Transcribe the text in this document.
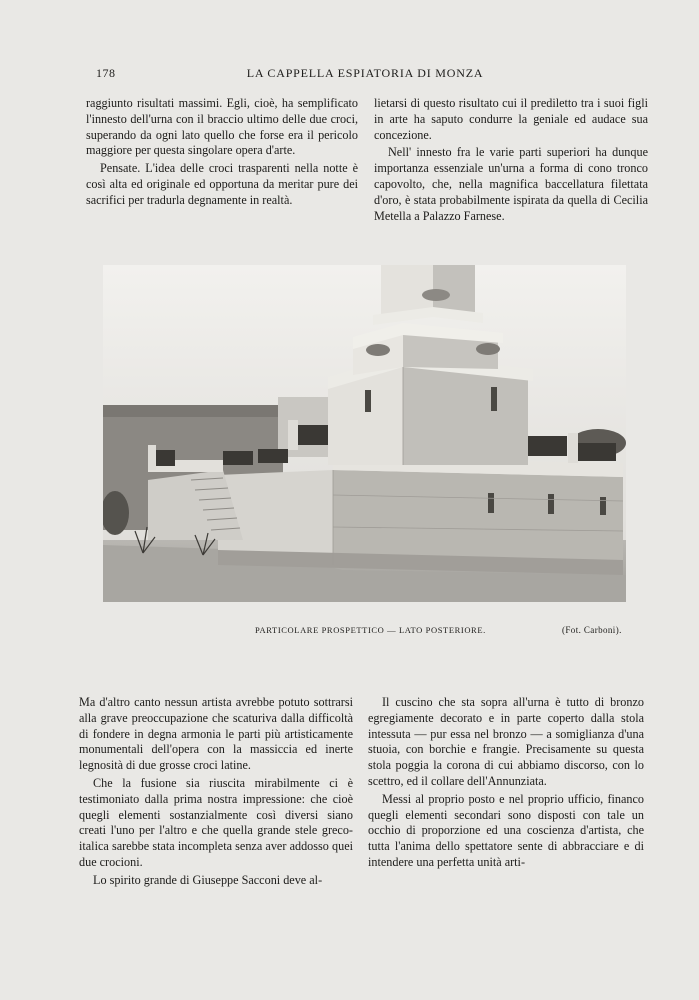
178	LA CAPPELLA ESPIATORIA DI MONZA

raggiunto risultati massimi. Egli, cioè, ha semplificato l'innesto dell'urna con il braccio ultimo delle due croci, superando da ogni lato quello che forse era il pericolo maggiore per questa singolare opera d'arte.

Pensate. L'idea delle croci trasparenti nella notte è così alta ed originale ed opportuna da meritar pure dei sacrifici per tradurla degnamente in realtà.

lietarsi di questo risultato cui il prediletto tra i suoi figli in arte ha saputo condurre la geniale ed audace sua concezione.

Nell' innesto fra le varie parti superiori ha dunque importanza essenziale un'urna a forma di cono tronco capovolto, che, nella magnifica baccellatura filettata d'oro, è stata probabilmente ispirata da quella di Cecilia Metella a Palazzo Farnese.

PARTICOLARE PROSPETTICO — LATO POSTERIORE.	(Fot. Carboni).

Ma d'altro canto nessun artista avrebbe potuto sottrarsi alla grave preoccupazione che scaturiva dalla difficoltà di fondere in degna armonia le parti più artisticamente monumentali dell'opera con la massiccia ed inerte legnosità di due grosse croci latine.

Che la fusione sia riuscita mirabilmente ci è testimoniato dalla prima nostra impressione: che cioè quegli elementi sostanzialmente così diversi siano creati l'uno per l'altro e che quella grande stele greco-italica sarebbe stata incompleta senza aver addosso quei due crocioni.

Lo spirito grande di Giuseppe Sacconi deve al-

Il cuscino che sta sopra all'urna è tutto di bronzo egregiamente decorato e in parte coperto dalla stola intessuta — pur essa nel bronzo — a somiglianza d'una stuoia, con borchie e frangie. Precisamente su questa stola poggia la corona di cui abbiamo discorso, con lo scettro, ed il collare dell'Annunziata.

Messi al proprio posto e nel proprio ufficio, financo quegli elementi secondari sono disposti con tale un occhio di proporzione ed una coscienza d'artista, che tutta l'anima dello spettatore sente di abbracciare e di intendere una perfetta unità arti-
